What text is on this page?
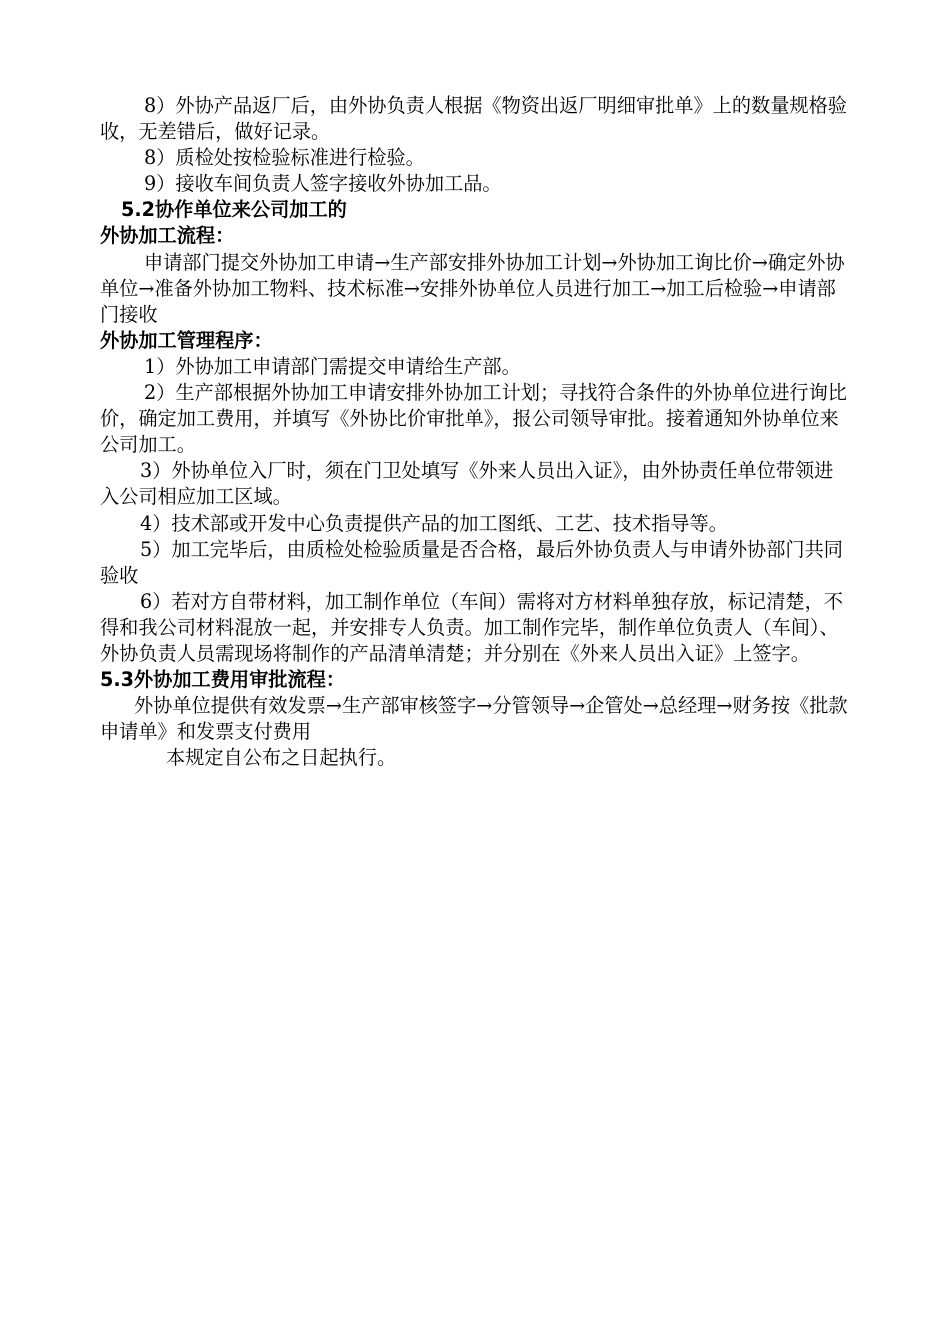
8）外协产品返厂后，由外协负责人根据《物资出返厂明细审批单》上的数量规格验收，无差错后，做好记录。

8）质检处按检验标准进行检验。

9）接收车间负责人签字接收外协加工品。

5.2协作单位来公司加工的

外协加工流程：

申请部门提交外协加工申请→生产部安排外协加工计划→外协加工询比价→确定外协单位→准备外协加工物料、技术标准→安排外协单位人员进行加工→加工后检验→申请部门接收

外协加工管理程序：

1）外协加工申请部门需提交申请给生产部。

2）生产部根据外协加工申请安排外协加工计划；寻找符合条件的外协单位进行询比价，确定加工费用，并填写《外协比价审批单》，报公司领导审批。接着通知外协单位来公司加工。

3）外协单位入厂时，须在门卫处填写《外来人员出入证》，由外协责任单位带领进入公司相应加工区域。

4）技术部或开发中心负责提供产品的加工图纸、工艺、技术指导等。

5）加工完毕后，由质检处检验质量是否合格，最后外协负责人与申请外协部门共同验收

6）若对方自带材料，加工制作单位（车间）需将对方材料单独存放，标记清楚，不得和我公司材料混放一起，并安排专人负责。加工制作完毕，制作单位负责人（车间）、外协负责人员需现场将制作的产品清单清楚；并分别在《外来人员出入证》上签字。

5.3外协加工费用审批流程：

外协单位提供有效发票→生产部审核签字→分管领导→企管处→总经理→财务按《批款申请单》和发票支付费用

本规定自公布之日起执行。
